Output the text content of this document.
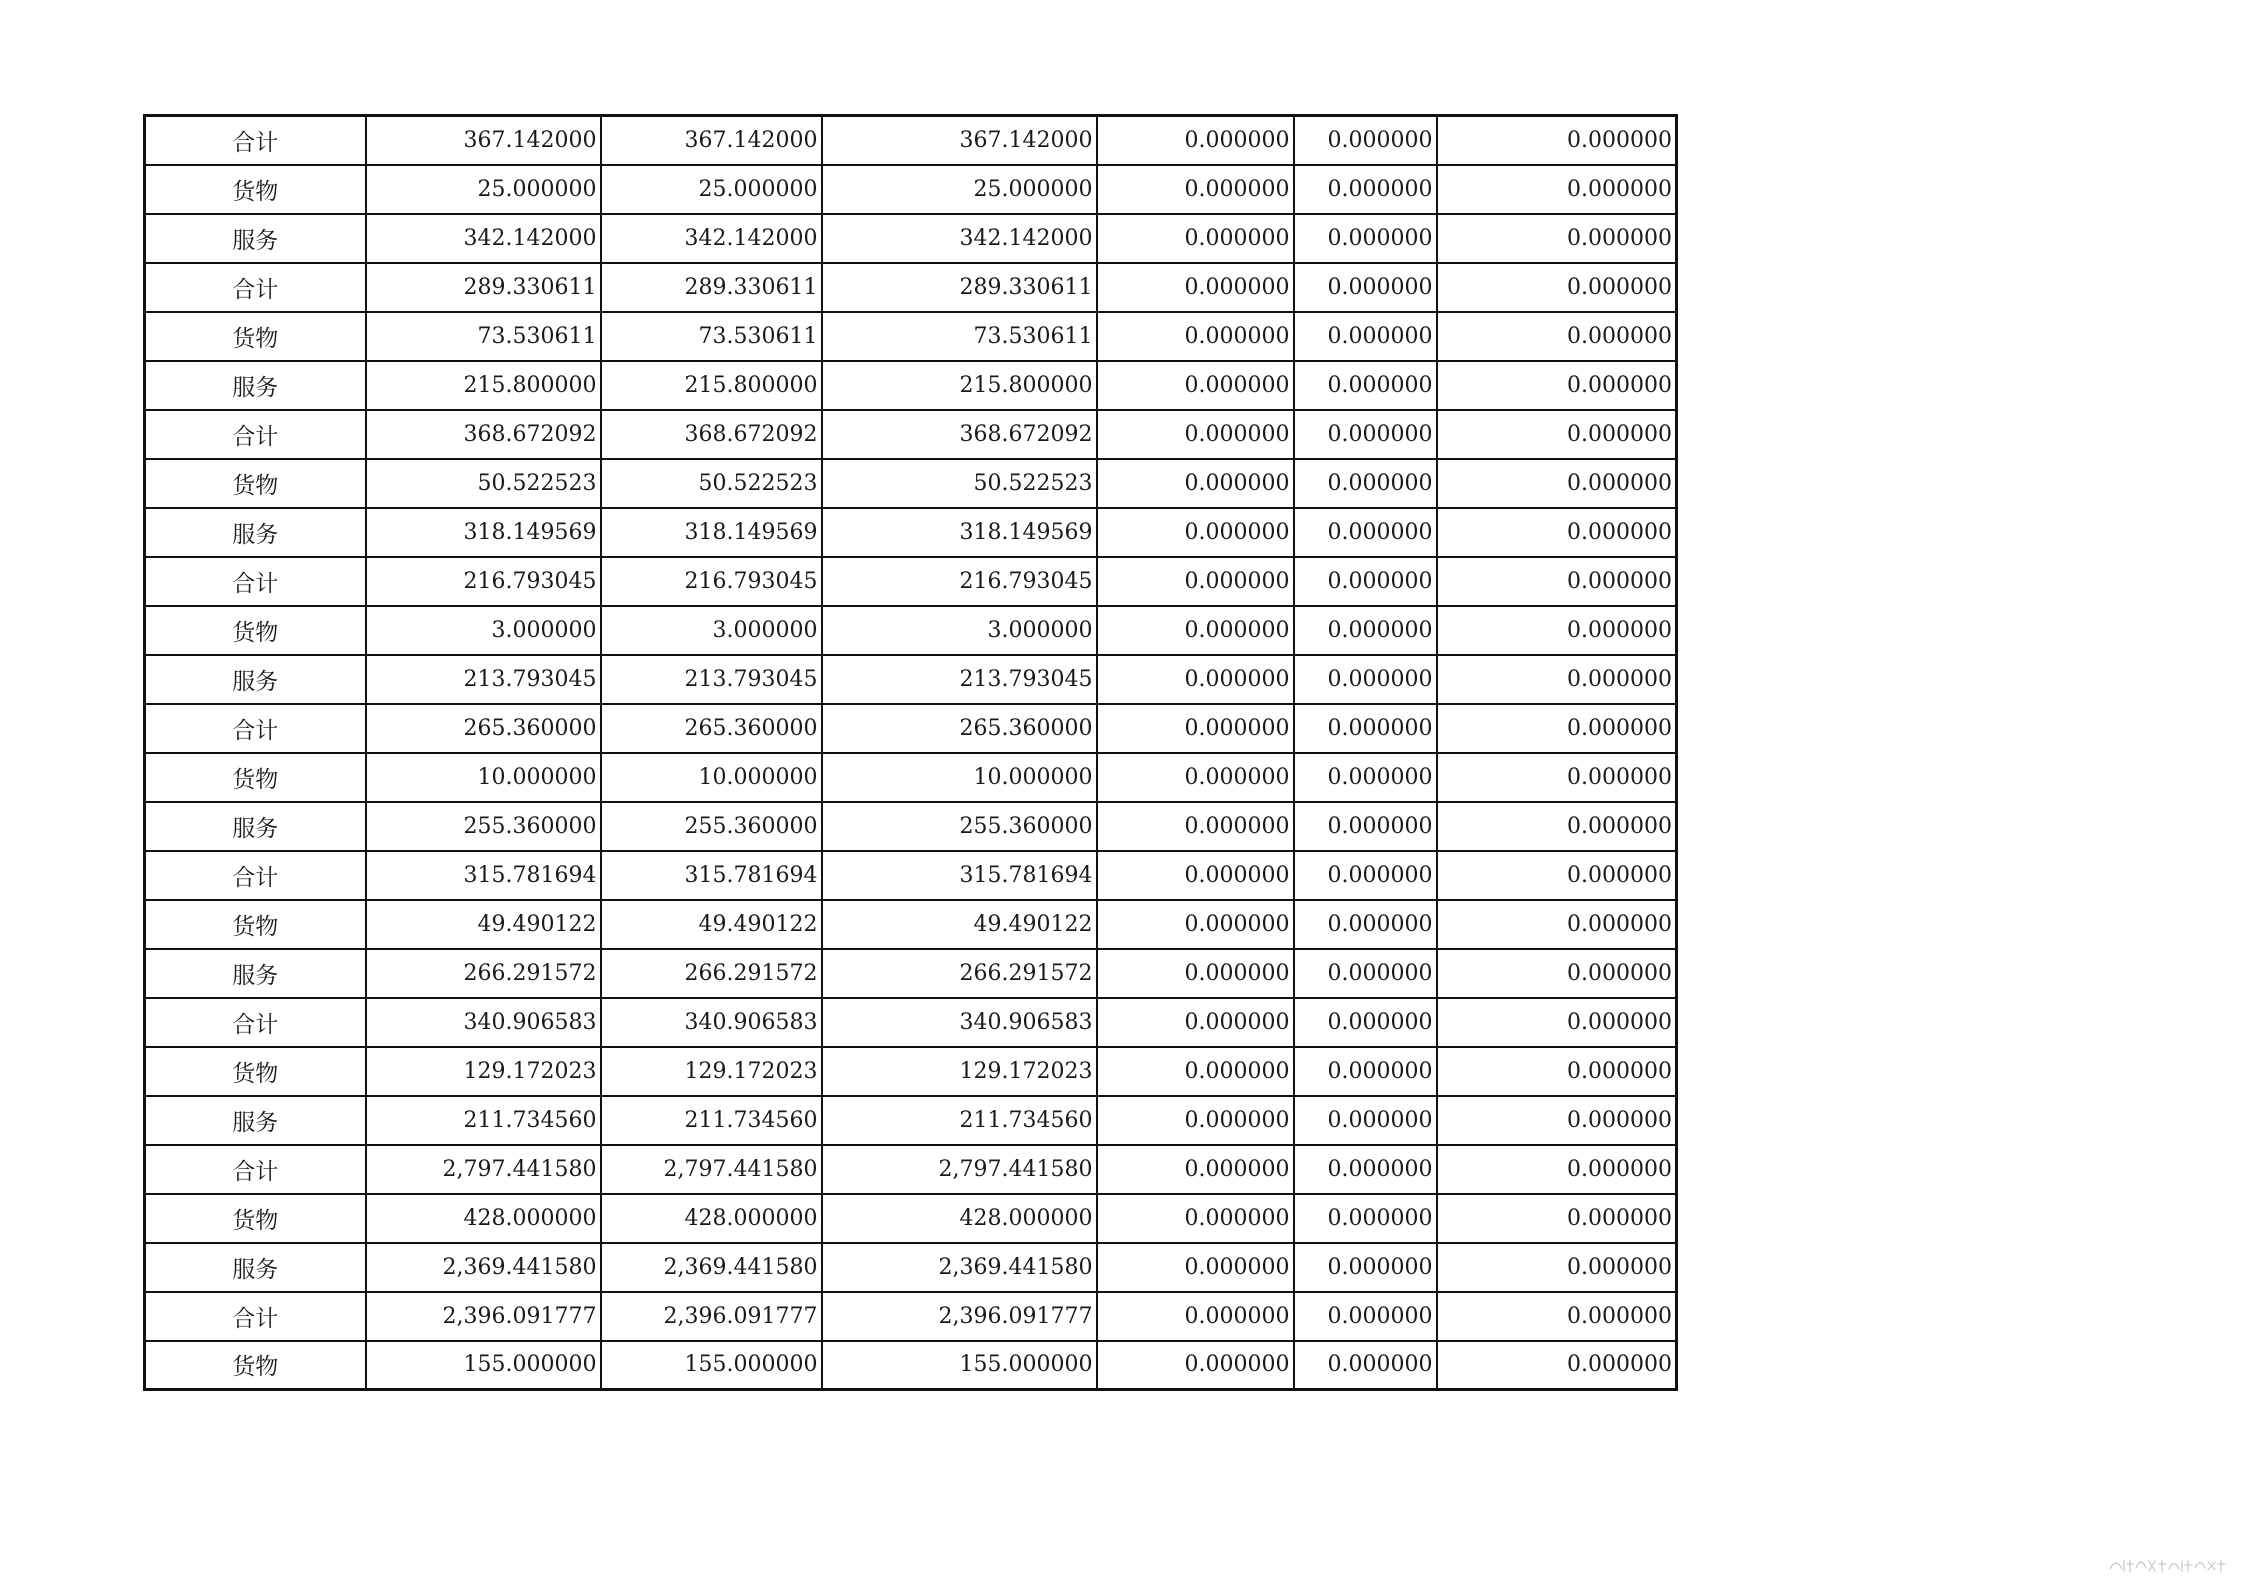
合计	367.142000	367.142000	367.142000	0.000000	0.000000	0.000000
货物	25.000000	25.000000	25.000000	0.000000	0.000000	0.000000
服务	342.142000	342.142000	342.142000	0.000000	0.000000	0.000000
合计	289.330611	289.330611	289.330611	0.000000	0.000000	0.000000
货物	73.530611	73.530611	73.530611	0.000000	0.000000	0.000000
服务	215.800000	215.800000	215.800000	0.000000	0.000000	0.000000
合计	368.672092	368.672092	368.672092	0.000000	0.000000	0.000000
货物	50.522523	50.522523	50.522523	0.000000	0.000000	0.000000
服务	318.149569	318.149569	318.149569	0.000000	0.000000	0.000000
合计	216.793045	216.793045	216.793045	0.000000	0.000000	0.000000
货物	3.000000	3.000000	3.000000	0.000000	0.000000	0.000000
服务	213.793045	213.793045	213.793045	0.000000	0.000000	0.000000
合计	265.360000	265.360000	265.360000	0.000000	0.000000	0.000000
货物	10.000000	10.000000	10.000000	0.000000	0.000000	0.000000
服务	255.360000	255.360000	255.360000	0.000000	0.000000	0.000000
合计	315.781694	315.781694	315.781694	0.000000	0.000000	0.000000
货物	49.490122	49.490122	49.490122	0.000000	0.000000	0.000000
服务	266.291572	266.291572	266.291572	0.000000	0.000000	0.000000
合计	340.906583	340.906583	340.906583	0.000000	0.000000	0.000000
货物	129.172023	129.172023	129.172023	0.000000	0.000000	0.000000
服务	211.734560	211.734560	211.734560	0.000000	0.000000	0.000000
合计	2,797.441580	2,797.441580	2,797.441580	0.000000	0.000000	0.000000
货物	428.000000	428.000000	428.000000	0.000000	0.000000	0.000000
服务	2,369.441580	2,369.441580	2,369.441580	0.000000	0.000000	0.000000
合计	2,396.091777	2,396.091777	2,396.091777	0.000000	0.000000	0.000000
货物	155.000000	155.000000	155.000000	0.000000	0.000000	0.000000
